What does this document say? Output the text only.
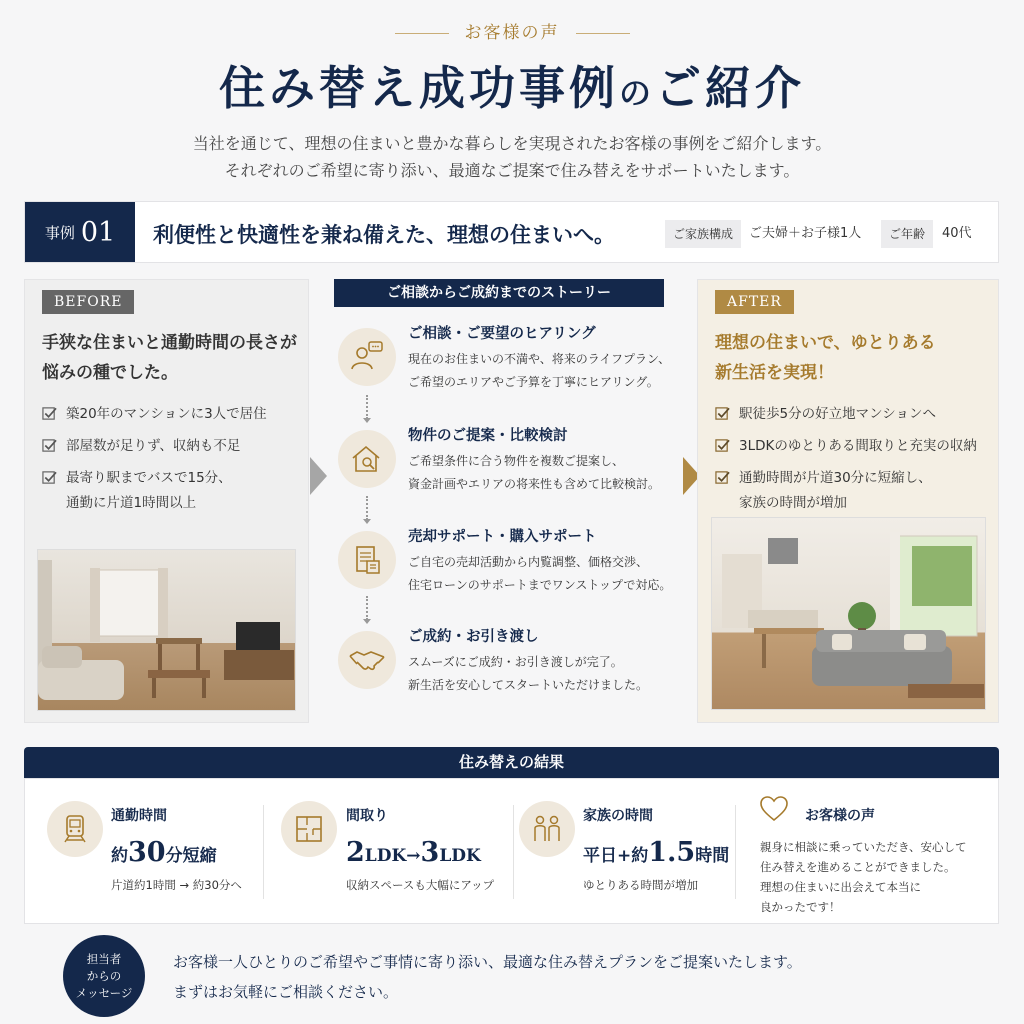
お客様の声
住み替え成功事例のご紹介
当社を通じて、理想の住まいと豊かな暮らしを実現されたお客様の事例をご紹介します。
それぞれのご希望に寄り添い、最適なご提案で住み替えをサポートいたします。
事例 01 利便性と快適性を兼ね備えた、理想の住まいへ。	ご家族構成	ご夫婦＋お子様1人	ご年齢	40代
BEFORE
手狭な住まいと通勤時間の長さが
悩みの種でした。
築20年のマンションに3人で居住
部屋数が足りず、収納も不足
最寄り駅までバスで15分、
通勤に片道1時間以上
ご相談からご成約までのストーリー
ご相談・ご要望のヒアリング
現在のお住まいの不満や、将来のライフプラン、
ご希望のエリアやご予算を丁寧にヒアリング。
物件のご提案・比較検討
ご希望条件に合う物件を複数ご提案し、
資金計画やエリアの将来性も含めて比較検討。
売却サポート・購入サポート
ご自宅の売却活動から内覧調整、価格交渉、
住宅ローンのサポートまでワンストップで対応。
ご成約・お引き渡し
スムーズにご成約・お引き渡しが完了。
新生活を安心してスタートいただけました。
AFTER
理想の住まいで、ゆとりある
新生活を実現！
駅徒歩5分の好立地マンションへ
3LDKのゆとりある間取りと充実の収納
通勤時間が片道30分に短縮し、
家族の時間が増加
住み替えの結果
通勤時間
約30分短縮
片道約1時間 → 約30分へ
間取り
2LDK→3LDK
収納スペースも大幅にアップ
家族の時間
平日+約1.5時間
ゆとりある時間が増加
お客様の声
親身に相談に乗っていただき、安心して
住み替えを進めることができました。
理想の住まいに出会えて本当に
良かったです！
担当者
からの
メッセージ
お客様一人ひとりのご希望やご事情に寄り添い、最適な住み替えプランをご提案いたします。
まずはお気軽にご相談ください。
